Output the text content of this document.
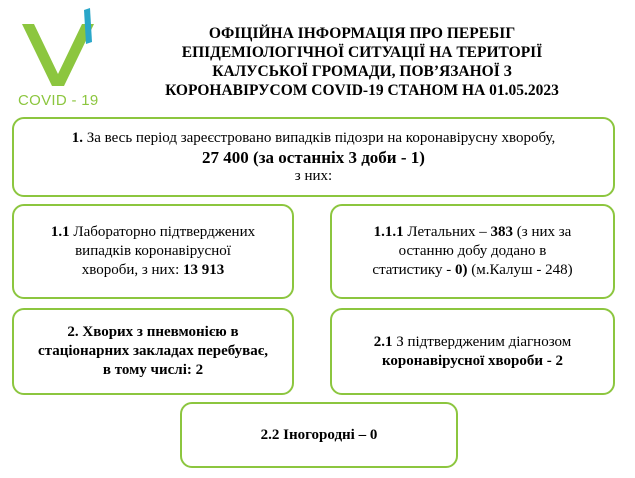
COVID - 19
ОФІЦІЙНА ІНФОРМАЦІЯ ПРО ПЕРЕБІГ
ЕПІДЕМІОЛОГІЧНОЇ СИТУАЦІЇ НА ТЕРИТОРІЇ
КАЛУСЬКОЇ ГРОМАДИ, ПОВ’ЯЗАНОЇ З
КОРОНАВІРУСОМ COVID-19 СТАНОМ НА 01.05.2023
1. За весь період зареєстровано випадків підозри на коронавірусну хворобу,
27 400 (за останніх 3 доби - 1)
з них:
1.1 Лабораторно підтверджених
випадків коронавірусної
хвороби, з них: 13 913
1.1.1 Летальних – 383 (з них за
останню добу додано в
статистику - 0) (м.Калуш - 248)
2. Хворих з пневмонією в
стаціонарних закладах перебуває,
в тому числі: 2
2.1 З підтвердженим діагнозом
коронавірусної хвороби - 2
2.2 Іногородні – 0
